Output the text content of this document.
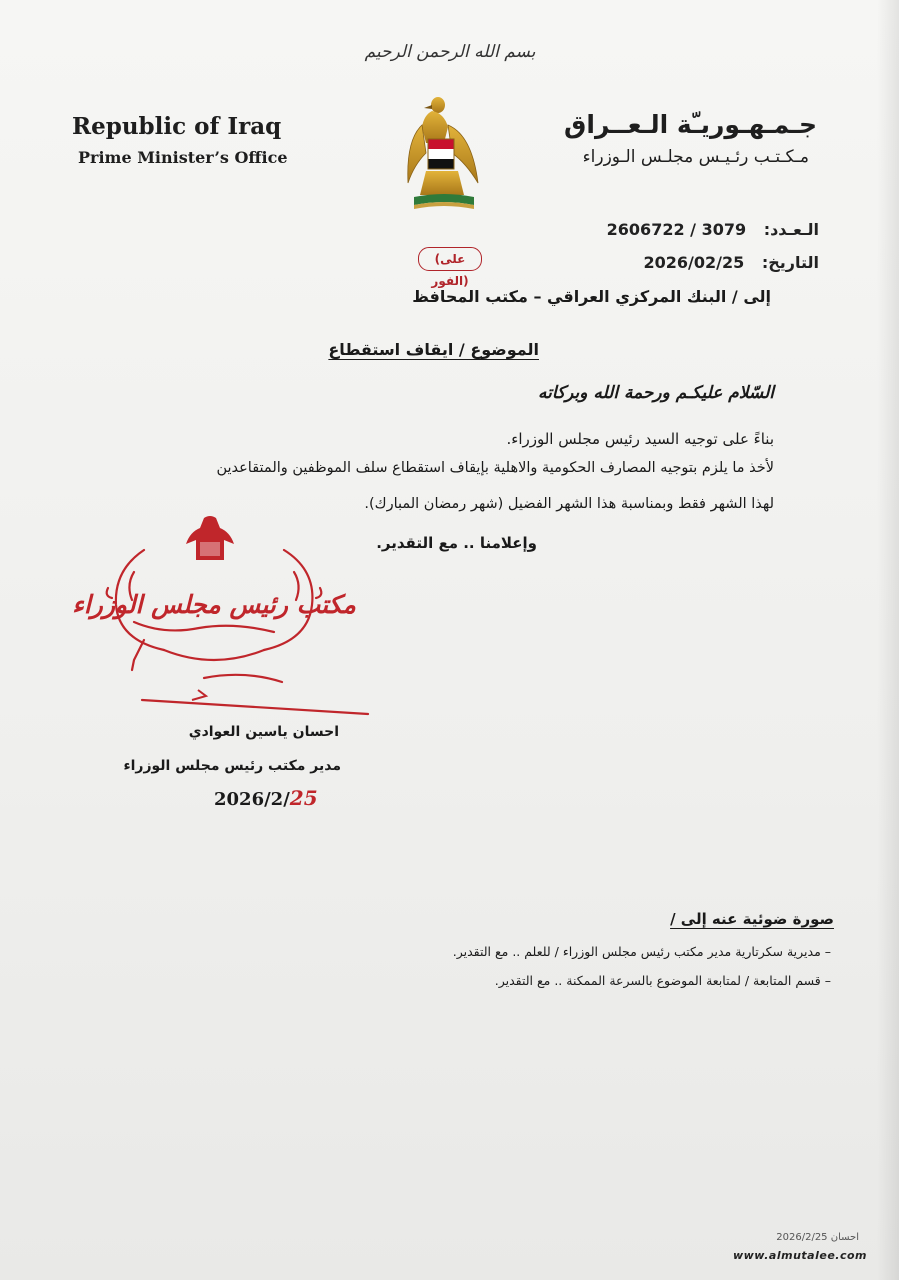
بسم الله الرحمن الرحيم
Republic of Iraq
Prime Minister’s Office
جـمـهـوريـّة الـعــراق
مـكـتـب رئـيـس مجلـس الـوزراء
الـعـدد: 3079 / 2606722
التاريخ: 2026/02/25
(على الفور)
إلى / البنك المركزي العراقي – مكتب المحافظ
الموضوع / ايقاف استقطاع
السّلام عليكـم ورحمة الله وبركاته
بناءً على توجيه السيد رئيس مجلس الوزراء.
لأخذ ما يلزم بتوجيه المصارف الحكومية والاهلية بإيقاف استقطاع سلف الموظفين والمتقاعدين
لهذا الشهر فقط وبمناسبة هذا الشهر الفضيل (شهر رمضان المبارك).
وإعلامنا .. مع التقدير.
مكتب رئيس مجلس الوزراء
احسان ياسين العوادي
مدير مكتب رئيس مجلس الوزراء
2026/2/25
صورة ضوئية عنه إلى /
– مديرية سكرتارية مدير مكتب رئيس مجلس الوزراء / للعلم .. مع التقدير.
– قسم المتابعة / لمتابعة الموضوع بالسرعة الممكنة .. مع التقدير.
احسان 2026/2/25
www.almutalee.com
